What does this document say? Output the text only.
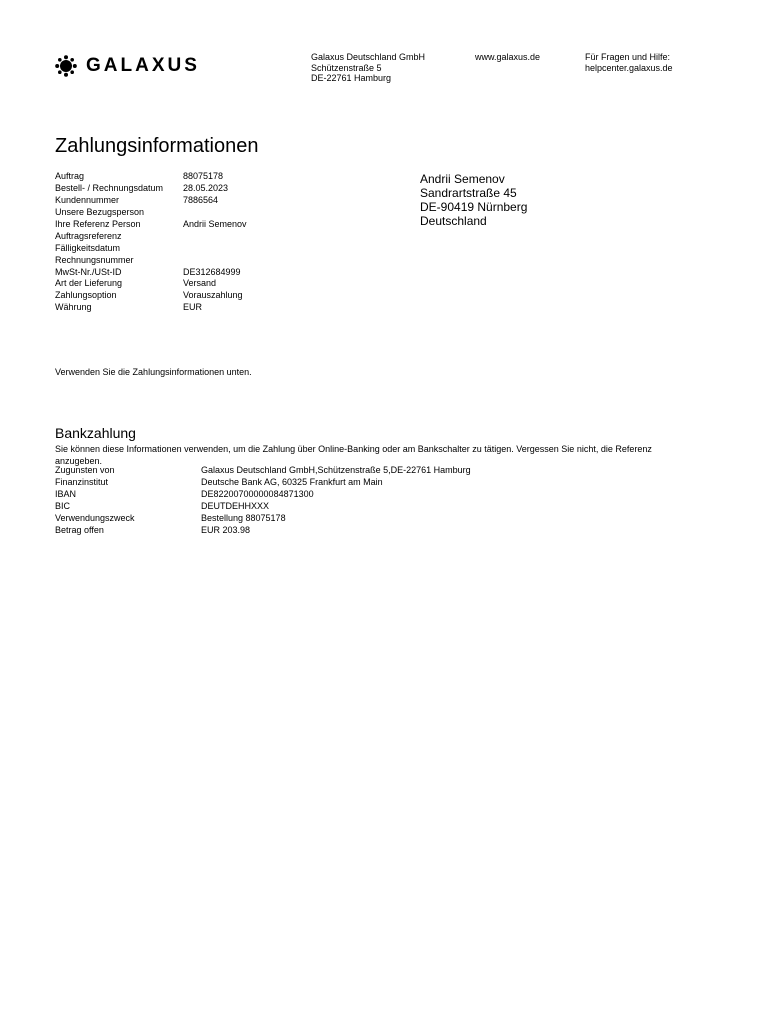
GALAXUS	Galaxus Deutschland GmbH
Schützenstraße 5
DE-22761 Hamburg
www.galaxus.de	Für Fragen und Hilfe:
helpcenter.galaxus.de
Zahlungsinformationen
Auftrag	88075178
Bestell- / Rechnungsdatum 28.05.2023
Kundennummer	7886564
Unsere Bezugsperson
Ihre Referenz Person	Andrii Semenov
Auftragsreferenz
Fälligkeitsdatum
Rechnungsnummer
MwSt-Nr./USt-ID	DE312684999
Art der Lieferung	Versand
Zahlungsoption	Vorauszahlung
Währung	EUR
Andrii Semenov
Sandrartstraße 45
DE-90419 Nürnberg
Deutschland
Verwenden Sie die Zahlungsinformationen unten.
Bankzahlung
Sie können diese Informationen verwenden, um die Zahlung über Online-Banking oder am Bankschalter zu tätigen. Vergessen Sie nicht, die Referenz anzugeben.
Zugunsten von	Galaxus Deutschland GmbH,Schützenstraße 5,DE-22761 Hamburg
Finanzinstitut	Deutsche Bank AG, 60325 Frankfurt am Main
IBAN	DE82200700000084871300
BIC	DEUTDEHHXXX
Verwendungszweck	Bestellung 88075178
Betrag offen	EUR 203.98
